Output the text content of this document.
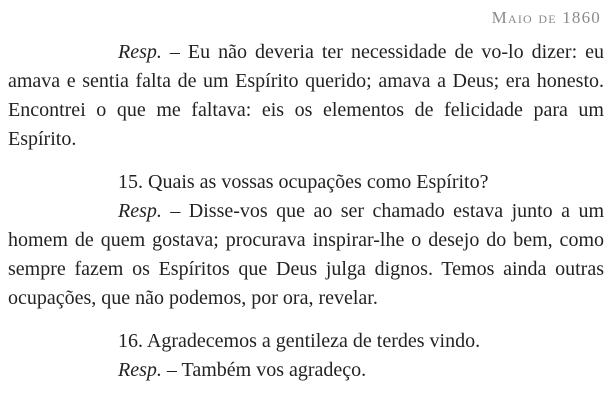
Maio de 1860

Resp. – Eu não deveria ter necessidade de vo-lo dizer: eu amava e sentia falta de um Espírito querido; amava a Deus; era honesto. Encontrei o que me faltava: eis os elementos de felicidade para um Espírito.

15. Quais as vossas ocupações como Espírito?

Resp. – Disse-vos que ao ser chamado estava junto a um homem de quem gostava; procurava inspirar-lhe o desejo do bem, como sempre fazem os Espíritos que Deus julga dignos. Temos ainda outras ocupações, que não podemos, por ora, revelar.

16. Agradecemos a gentileza de terdes vindo.

Resp. – Também vos agradeço.
